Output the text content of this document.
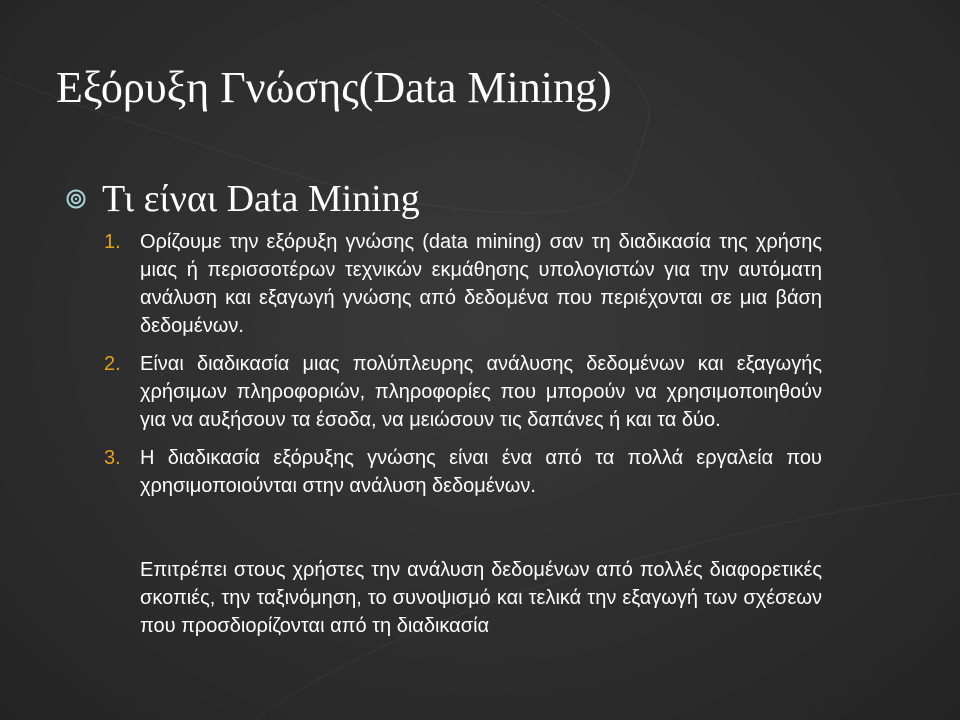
Εξόρυξη Γνώσης(Data Mining)
Τι είναι Data Mining
1. Ορίζουμε την εξόρυξη γνώσης (data mining) σαν τη διαδικασία της χρήσης μιας ή περισσοτέρων τεχνικών εκμάθησης υπολογιστών για την αυτόματη ανάλυση και εξαγωγή γνώσης από δεδομένα που περιέχονται σε μια βάση δεδομένων.
2. Είναι διαδικασία μιας πολύπλευρης ανάλυσης δεδομένων και εξαγωγής χρήσιμων πληροφοριών, πληροφορίες που μπορούν να χρησιμοποιηθούν για να αυξήσουν τα έσοδα, να μειώσουν τις δαπάνες ή και τα δύο.
3. Η διαδικασία εξόρυξης γνώσης είναι ένα από τα πολλά εργαλεία που χρησιμοποιούνται στην ανάλυση δεδομένων.
Επιτρέπει στους χρήστες την ανάλυση δεδομένων από πολλές διαφορετικές σκοπιές, την ταξινόμηση, το συνοψισμό και τελικά την εξαγωγή των σχέσεων που προσδιορίζονται από τη διαδικασία
